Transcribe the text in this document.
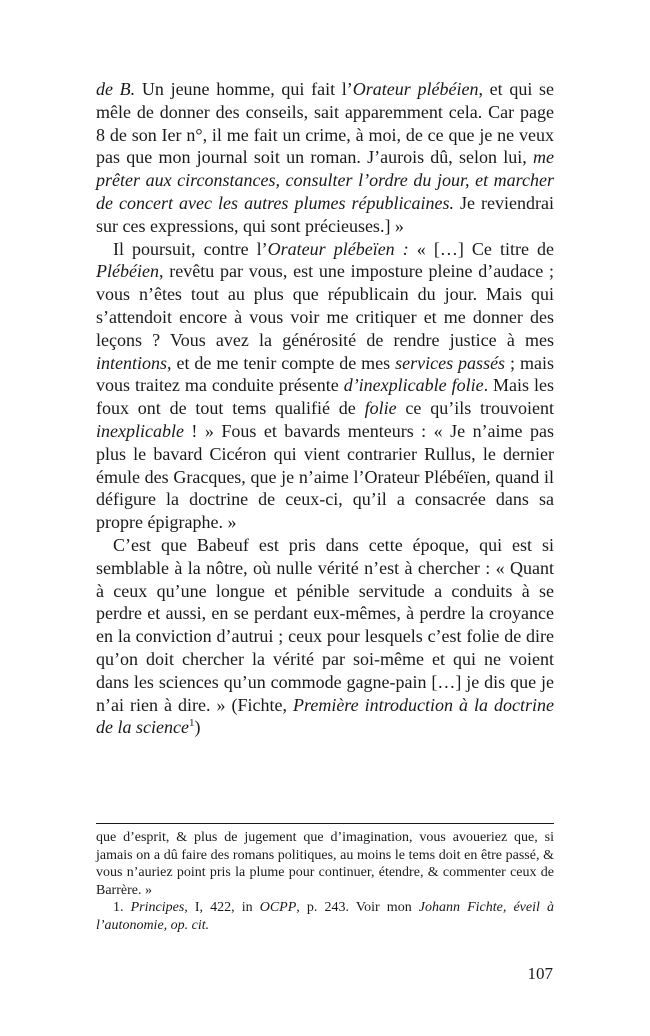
de B. Un jeune homme, qui fait l’Orateur plébéien, et qui se mêle de donner des conseils, sait apparemment cela. Car page 8 de son Ier n°, il me fait un crime, à moi, de ce que je ne veux pas que mon journal soit un roman. J’aurois dû, selon lui, me prêter aux circonstances, consulter l’ordre du jour, et marcher de concert avec les autres plumes républicaines. Je reviendrai sur ces expressions, qui sont précieuses.] »

Il poursuit, contre l’Orateur plébeïen : « […] Ce titre de Plébéien, revêtu par vous, est une imposture pleine d’audace ; vous n’êtes tout au plus que républicain du jour. Mais qui s’attendoit encore à vous voir me critiquer et me donner des leçons ? Vous avez la générosité de rendre justice à mes intentions, et de me tenir compte de mes services passés ; mais vous traitez ma conduite présente d’inexplicable folie. Mais les foux ont de tout tems qualifié de folie ce qu’ils trouvoient inexplicable ! » Fous et bavards menteurs : « Je n’aime pas plus le bavard Cicéron qui vient contrarier Rullus, le dernier émule des Gracques, que je n’aime l’Orateur Plébéïen, quand il défigure la doctrine de ceux-ci, qu’il a consacrée dans sa propre épigraphe. »

C’est que Babeuf est pris dans cette époque, qui est si semblable à la nôtre, où nulle vérité n’est à chercher : « Quant à ceux qu’une longue et pénible servitude a conduits à se perdre et aussi, en se perdant eux-mêmes, à perdre la croyance en la conviction d’autrui ; ceux pour lesquels c’est folie de dire qu’on doit chercher la vérité par soi-même et qui ne voient dans les sciences qu’un commode gagne-pain […] je dis que je n’ai rien à dire. » (Fichte, Première introduction à la doctrine de la science$^1$)

que d’esprit, & plus de jugement que d’imagination, vous avoueriez que, si jamais on a dû faire des romans politiques, au moins le tems doit en être passé, & vous n’auriez point pris la plume pour continuer, étendre, & commenter ceux de Barrère. »

1. Principes, I, 422, in OCPP, p. 243. Voir mon Johann Fichte, éveil à l’autonomie, op. cit.

107
